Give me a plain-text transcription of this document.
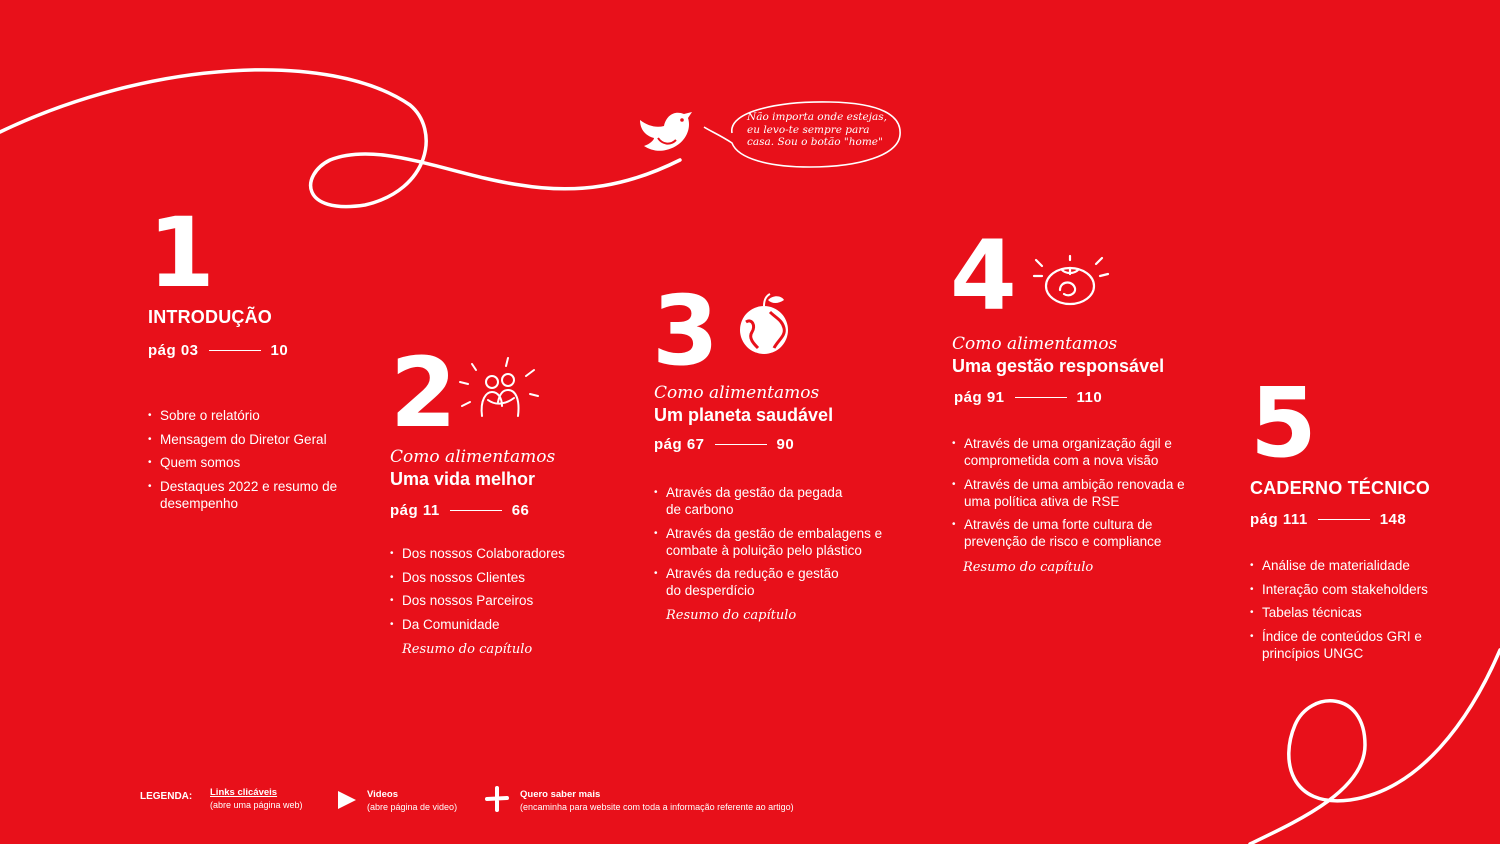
Não importa onde estejas, eu levo-te sempre para casa. Sou o botão "home"
1
INTRODUÇÃO
pág 03	10
• Sobre o relatório
• Mensagem do Diretor Geral
• Quem somos
• Destaques 2022 e resumo de desempenho
2
Como alimentamos
Uma vida melhor
pág 11	66
• Dos nossos Colaboradores
• Dos nossos Clientes
• Dos nossos Parceiros
• Da Comunidade
Resumo do capítulo
3
Como alimentamos
Um planeta saudável
pág 67	90
• Através da gestão da pegada de carbono
• Através da gestão de embalagens e combate à poluição pelo plástico
• Através da redução e gestão do desperdício
Resumo do capítulo
4
Como alimentamos
Uma gestão responsável
pág 91	110
• Através de uma organização ágil e comprometida com a nova visão
• Através de uma ambição renovada e uma política ativa de RSE
• Através de uma forte cultura de prevenção de risco e compliance
Resumo do capítulo
5
CADERNO TÉCNICO
pág 111	148
• Análise de materialidade
• Interação com stakeholders
• Tabelas técnicas
• Índice de conteúdos GRI e princípios UNGC
LEGENDA: Links clicáveis
(abre uma página web)
Videos
(abre página de video)
Quero saber mais
(encaminha para website com toda a informação referente ao artigo)
